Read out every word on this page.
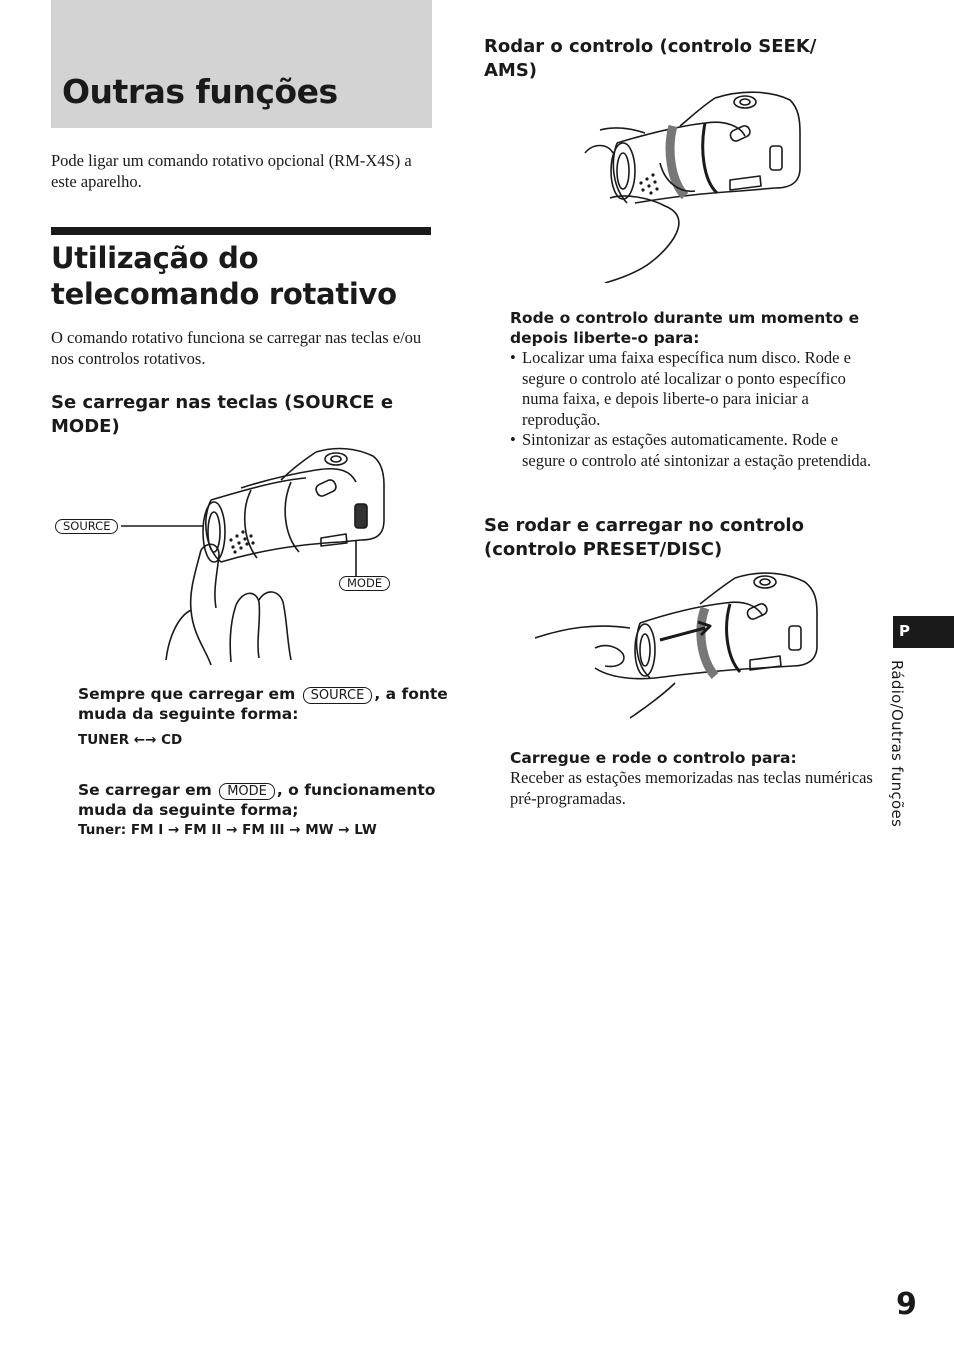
Outras funções
Pode ligar um comando rotativo opcional (RM-X4S) a este aparelho.
Utilização do telecomando rotativo
O comando rotativo funciona se carregar nas teclas e/ou nos controlos rotativos.
Se carregar nas teclas (SOURCE e MODE)
SOURCE
MODE
Sempre que carregar em SOURCE , a fonte muda da seguinte forma:
TUNER ←→ CD
Se carregar em MODE , o funcionamento muda da seguinte forma;
Tuner: FM I → FM II → FM III → MW → LW
Rodar o controlo (controlo SEEK/ AMS)
Rode o controlo durante um momento e depois liberte-o para:
• Localizar uma faixa específica num disco. Rode e segure o controlo até localizar o ponto específico numa faixa, e depois liberte-o para iniciar a reprodução.
• Sintonizar as estações automaticamente. Rode e segure o controlo até sintonizar a estação pretendida.
Se rodar e carregar no controlo (controlo PRESET/DISC)
Carregue e rode o controlo para:
Receber as estações memorizadas nas teclas numéricas pré-programadas.
P
Rádio/Outras funções
9
